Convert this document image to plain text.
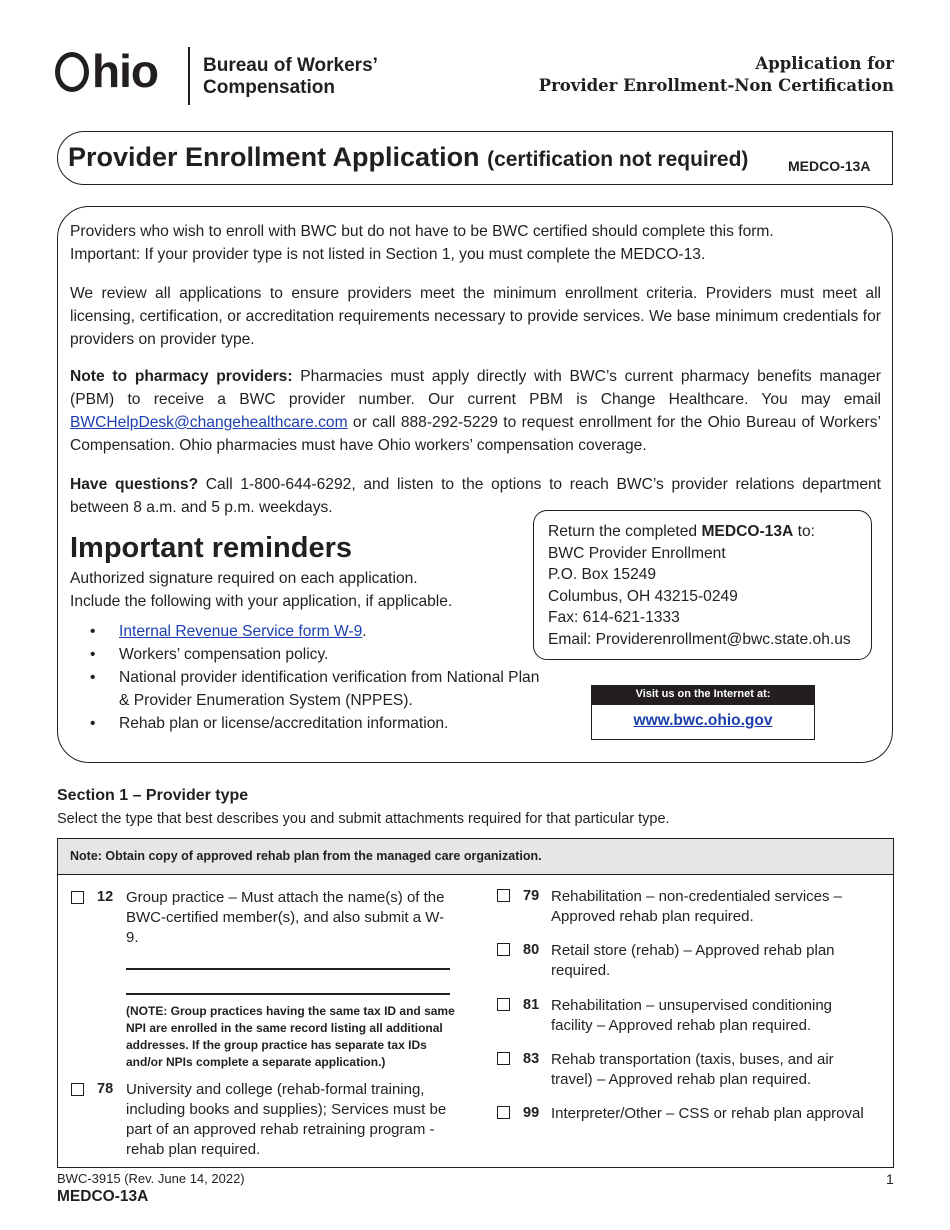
hio Bureau of Workers’
Compensation
Application for
Provider Enrollment-Non Certification
Provider Enrollment Application (certification not required)	MEDCO-13A
Providers who wish to enroll with BWC but do not have to be BWC certified should complete this form.
Important: If your provider type is not listed in Section 1, you must complete the MEDCO-13.
We review all applications to ensure providers meet the minimum enrollment criteria. Providers must meet all licensing, certification, or accreditation requirements necessary to provide services. We base minimum credentials for providers on provider type.
Note to pharmacy providers: Pharmacies must apply directly with BWC’s current pharmacy benefits manager (PBM) to receive a BWC provider number. Our current PBM is Change Healthcare. You may email BWCHelpDesk@changehealthcare.com or call 888-292-5229 to request enrollment for the Ohio Bureau of Workers’ Compensation. Ohio pharmacies must have Ohio workers’ compensation coverage.
Have questions? Call 1-800-644-6292, and listen to the options to reach BWC’s provider relations department between 8 a.m. and 5 p.m. weekdays.
Important reminders
Authorized signature required on each application.
Include the following with your application, if applicable.
• Internal Revenue Service form W-9.
• Workers’ compensation policy.
• National provider identification verification from National Plan & Provider Enumeration System (NPPES).
• Rehab plan or license/accreditation information.
Return the completed MEDCO-13A to:
BWC Provider Enrollment
P.O. Box 15249
Columbus, OH 43215-0249
Fax: 614-621-1333
Email: Providerenrollment@bwc.state.oh.us
Visit us on the Internet at:
www.bwc.ohio.gov
Section 1 – Provider type
Select the type that best describes you and submit attachments required for that particular type.
Note: Obtain copy of approved rehab plan from the managed care organization.
12 Group practice – Must attach the name(s) of the BWC-certified member(s), and also submit a W-9.
(NOTE: Group practices having the same tax ID and same NPI are enrolled in the same record listing all additional addresses. If the group practice has separate tax IDs and/or NPIs complete a separate application.)
78 University and college (rehab-formal training, including books and supplies); Services must be part of an approved rehab retraining program - rehab plan required.
79 Rehabilitation – non-credentialed services – Approved rehab plan required.
80 Retail store (rehab) – Approved rehab plan required.
81 Rehabilitation – unsupervised conditioning facility – Approved rehab plan required.
83 Rehab transportation (taxis, buses, and air travel) – Approved rehab plan required.
99 Interpreter/Other – CSS or rehab plan approval
BWC-3915 (Rev. June 14, 2022)
MEDCO-13A
1
